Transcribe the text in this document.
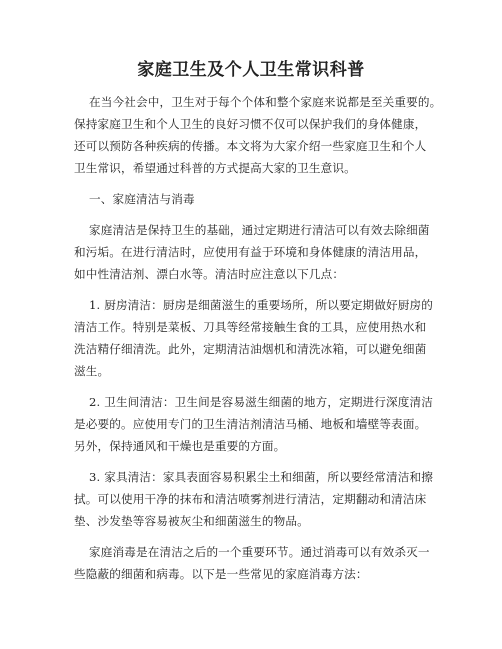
家庭卫生及个人卫生常识科普
在当今社会中，卫生对于每个个体和整个家庭来说都是至关重要的。
保持家庭卫生和个人卫生的良好习惯不仅可以保护我们的身体健康，
还可以预防各种疾病的传播。本文将为大家介绍一些家庭卫生和个人
卫生常识，希望通过科普的方式提高大家的卫生意识。
一、家庭清洁与消毒
家庭清洁是保持卫生的基础，通过定期进行清洁可以有效去除细菌
和污垢。在进行清洁时，应使用有益于环境和身体健康的清洁用品，
如中性清洁剂、漂白水等。清洁时应注意以下几点：
1. 厨房清洁：厨房是细菌滋生的重要场所，所以要定期做好厨房的
清洁工作。特别是菜板、刀具等经常接触生食的工具，应使用热水和
洗洁精仔细清洗。此外，定期清洁油烟机和清洗冰箱，可以避免细菌
滋生。
2. 卫生间清洁：卫生间是容易滋生细菌的地方，定期进行深度清洁
是必要的。应使用专门的卫生清洁剂清洁马桶、地板和墙壁等表面。
另外，保持通风和干燥也是重要的方面。
3. 家具清洁：家具表面容易积累尘土和细菌，所以要经常清洁和擦
拭。可以使用干净的抹布和清洁喷雾剂进行清洁，定期翻动和清洁床
垫、沙发垫等容易被灰尘和细菌滋生的物品。
家庭消毒是在清洁之后的一个重要环节。通过消毒可以有效杀灭一
些隐蔽的细菌和病毒。以下是一些常见的家庭消毒方法：
